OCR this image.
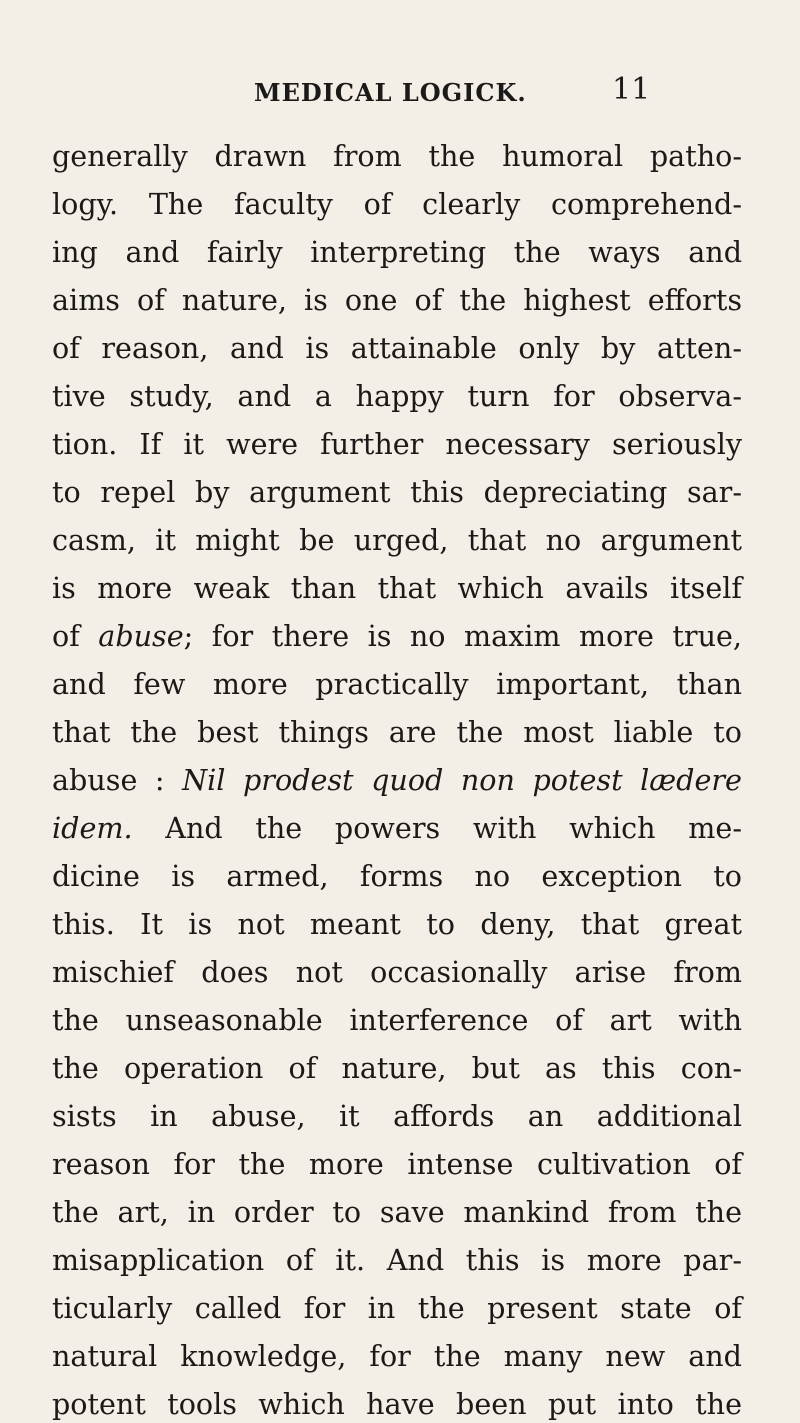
MEDICAL LOGICK.	11
generally drawn from the humoral patho-
logy. The faculty of clearly comprehend-
ing and fairly interpreting the ways and
aims of nature, is one of the highest efforts
of reason, and is attainable only by atten-
tive study, and a happy turn for observa-
tion. If it were further necessary seriously
to repel by argument this depreciating sar-
casm, it might be urged, that no argument
is more weak than that which avails itself
of abuse; for there is no maxim more true,
and few more practically important, than
that the best things are the most liable to
abuse : Nil prodest quod non potest lædere
idem. And the powers with which me-
dicine is armed, forms no exception to
this. It is not meant to deny, that great
mischief does not occasionally arise from
the unseasonable interference of art with
the operation of nature, but as this con-
sists in abuse, it affords an additional
reason for the more intense cultivation of
the art, in order to save mankind from the
misapplication of it. And this is more par-
ticularly called for in the present state of
natural knowledge, for the many new and
potent tools which have been put into the
